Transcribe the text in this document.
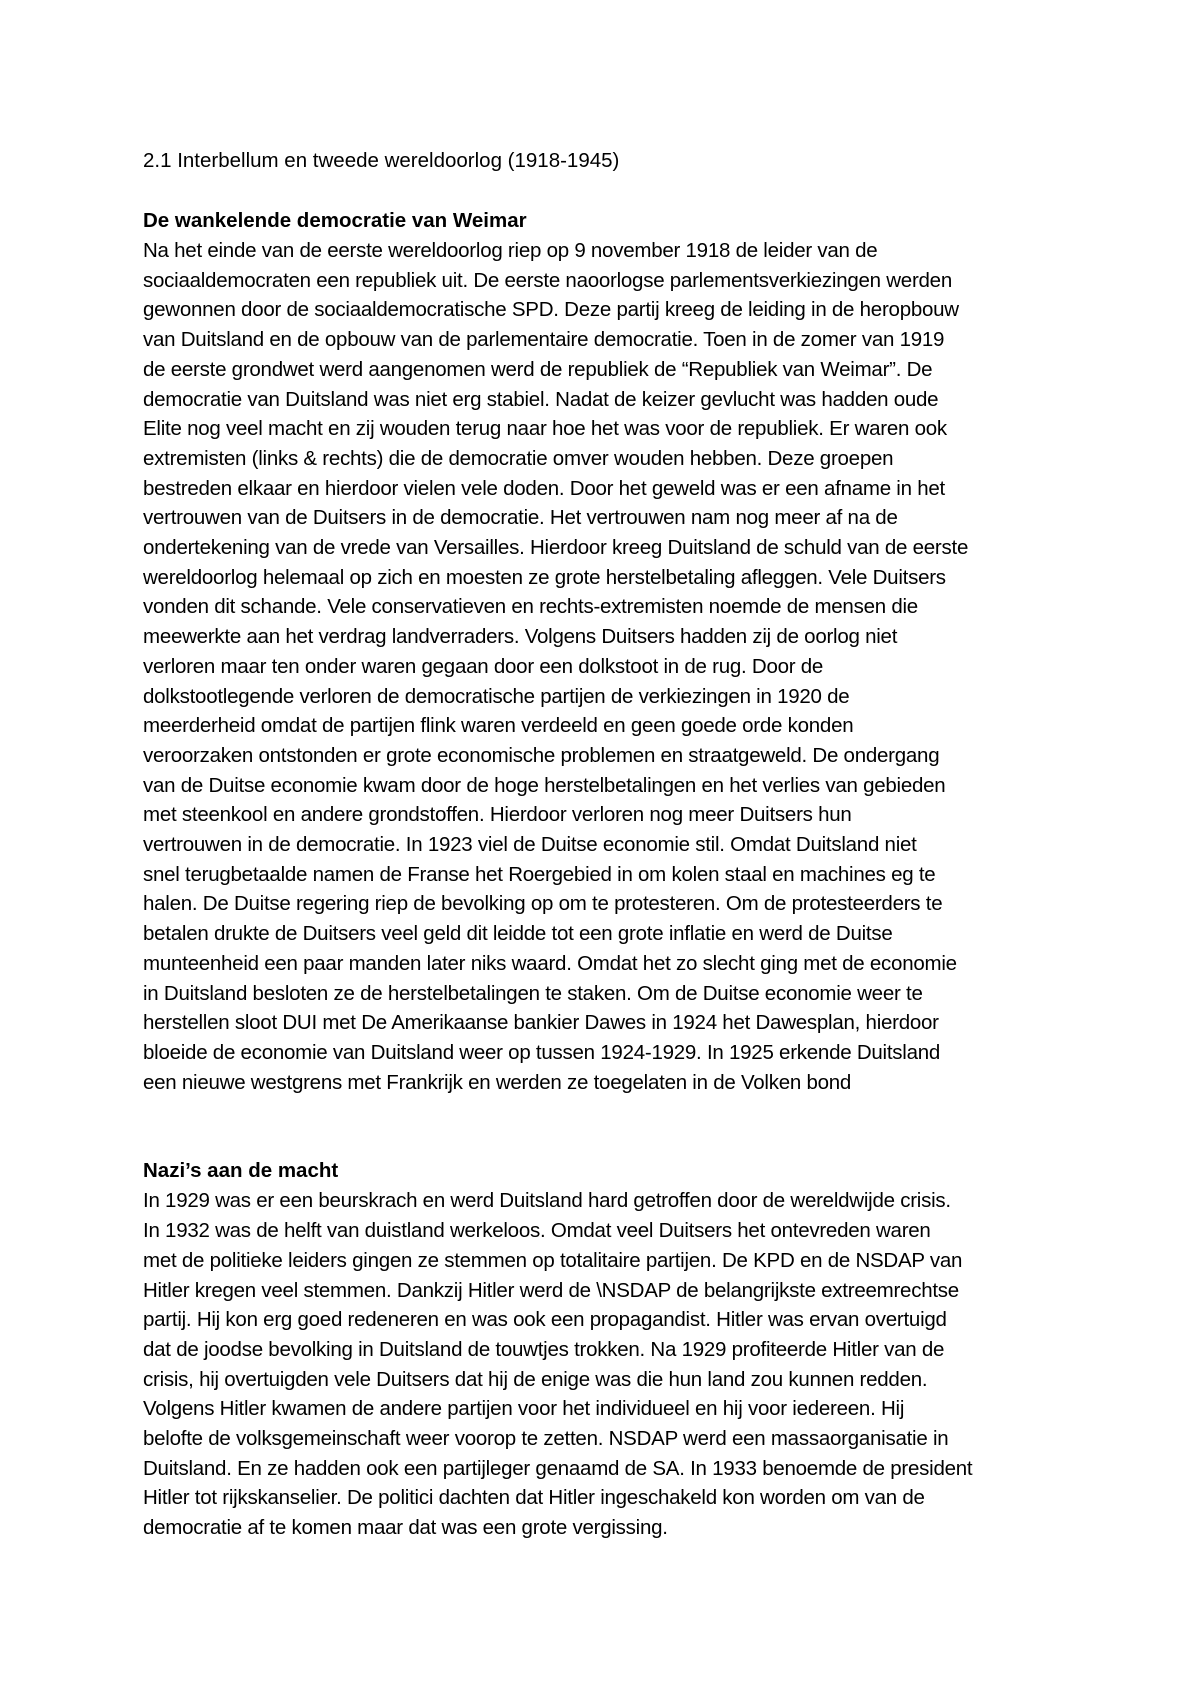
2.1 Interbellum en tweede wereldoorlog (1918-1945)
De wankelende democratie van Weimar
Na het einde van de eerste wereldoorlog riep op 9 november 1918 de leider van de
sociaaldemocraten een republiek uit. De eerste naoorlogse parlementsverkiezingen werden
gewonnen door de sociaaldemocratische SPD. Deze partij kreeg de leiding in de heropbouw
van Duitsland en de opbouw van de parlementaire democratie. Toen in de zomer van 1919
de eerste grondwet werd aangenomen werd de republiek de “Republiek van Weimar”. De
democratie van Duitsland was niet erg stabiel. Nadat de keizer gevlucht was hadden oude
Elite nog veel macht en zij wouden terug naar hoe het was voor de republiek. Er waren ook
extremisten (links & rechts) die de democratie omver wouden hebben. Deze groepen
bestreden elkaar en hierdoor vielen vele doden. Door het geweld was er een afname in het
vertrouwen van de Duitsers in de democratie. Het vertrouwen nam nog meer af na de
ondertekening van de vrede van Versailles. Hierdoor kreeg Duitsland de schuld van de eerste
wereldoorlog helemaal op zich en moesten ze grote herstelbetaling afleggen. Vele Duitsers
vonden dit schande. Vele conservatieven en rechts-extremisten noemde de mensen die
meewerkte aan het verdrag landverraders. Volgens Duitsers hadden zij de oorlog niet
verloren maar ten onder waren gegaan door een dolkstoot in de rug. Door de
dolkstootlegende verloren de democratische partijen de verkiezingen in 1920 de
meerderheid omdat de partijen flink waren verdeeld en geen goede orde konden
veroorzaken ontstonden er grote economische problemen en straatgeweld. De ondergang
van de Duitse economie kwam door de hoge herstelbetalingen en het verlies van gebieden
met steenkool en andere grondstoffen. Hierdoor verloren nog meer Duitsers hun
vertrouwen in de democratie. In 1923 viel de Duitse economie stil. Omdat Duitsland niet
snel terugbetaalde namen de Franse het Roergebied in om kolen staal en machines eg te
halen. De Duitse regering riep de bevolking op om te protesteren. Om de protesteerders te
betalen drukte de Duitsers veel geld dit leidde tot een grote inflatie en werd de Duitse
munteenheid een paar manden later niks waard. Omdat het zo slecht ging met de economie
in Duitsland besloten ze de herstelbetalingen te staken. Om de Duitse economie weer te
herstellen sloot DUI met De Amerikaanse bankier Dawes in 1924 het Dawesplan, hierdoor
bloeide de economie van Duitsland weer op tussen 1924-1929. In 1925 erkende Duitsland
een nieuwe westgrens met Frankrijk en werden ze toegelaten in de Volken bond
Nazi’s aan de macht
In 1929 was er een beurskrach en werd Duitsland hard getroffen door de wereldwijde crisis.
In 1932 was de helft van duistland werkeloos. Omdat veel Duitsers het ontevreden waren
met de politieke leiders gingen ze stemmen op totalitaire partijen. De KPD en de NSDAP van
Hitler kregen veel stemmen. Dankzij Hitler werd de \NSDAP de belangrijkste extreemrechtse
partij. Hij kon erg goed redeneren en was ook een propagandist. Hitler was ervan overtuigd
dat de joodse bevolking in Duitsland de touwtjes trokken. Na 1929 profiteerde Hitler van de
crisis, hij overtuigden vele Duitsers dat hij de enige was die hun land zou kunnen redden.
Volgens Hitler kwamen de andere partijen voor het individueel en hij voor iedereen. Hij
belofte de volksgemeinschaft weer voorop te zetten. NSDAP werd een massaorganisatie in
Duitsland. En ze hadden ook een partijleger genaamd de SA. In 1933 benoemde de president
Hitler tot rijkskanselier. De politici dachten dat Hitler ingeschakeld kon worden om van de
democratie af te komen maar dat was een grote vergissing.
